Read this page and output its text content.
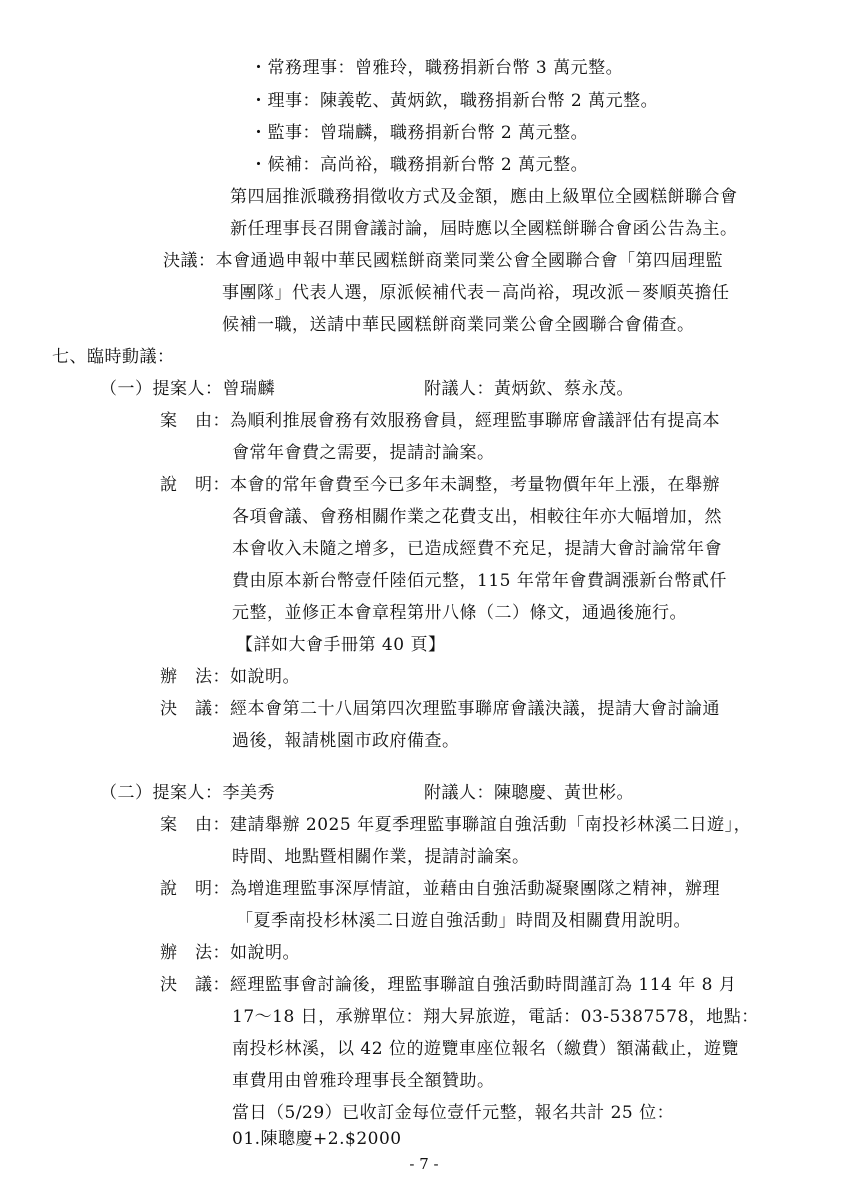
・常務理事：曾雅玲，職務捐新台幣 3 萬元整。
・理事：陳義乾、黃炳欽，職務捐新台幣 2 萬元整。
・監事：曾瑞麟，職務捐新台幣 2 萬元整。
・候補：高尚裕，職務捐新台幣 2 萬元整。
第四屆推派職務捐徵收方式及金額，應由上級單位全國糕餅聯合會
新任理事長召開會議討論，屆時應以全國糕餅聯合會函公告為主。
決議：本會通過申報中華民國糕餅商業同業公會全國聯合會「第四屆理監
事團隊」代表人選，原派候補代表－高尚裕，現改派－麥順英擔任
候補一職，送請中華民國糕餅商業同業公會全國聯合會備查。
七、臨時動議：
（一）提案人：曾瑞麟	附議人：黃炳欽、蔡永茂。
案　由：為順利推展會務有效服務會員，經理監事聯席會議評估有提高本
會常年會費之需要，提請討論案。
說　明：本會的常年會費至今已多年未調整，考量物價年年上漲，在舉辦
各項會議、會務相關作業之花費支出，相較往年亦大幅增加，然
本會收入未隨之增多，已造成經費不充足，提請大會討論常年會
費由原本新台幣壹仟陸佰元整，115 年常年會費調漲新台幣貳仟
元整，並修正本會章程第卅八條（二）條文，通過後施行。
【詳如大會手冊第 40 頁】
辦　法：如說明。
決　議：經本會第二十八屆第四次理監事聯席會議決議，提請大會討論通
過後，報請桃園市政府備查。
（二）提案人：李美秀	附議人：陳聰慶、黃世彬。
案　由：建請舉辦 2025 年夏季理監事聯誼自強活動「南投衫林溪二日遊」，
時間、地點暨相關作業，提請討論案。
說　明：為增進理監事深厚情誼，並藉由自強活動凝聚團隊之精神，辦理
「夏季南投杉林溪二日遊自強活動」時間及相關費用說明。
辦　法：如說明。
決　議：經理監事會討論後，理監事聯誼自強活動時間謹訂為 114 年 8 月
17～18 日，承辦單位：翔大昇旅遊，電話：03-5387578，地點：
南投杉林溪，以 42 位的遊覽車座位報名（繳費）額滿截止，遊覽
車費用由曾雅玲理事長全額贊助。
當日（5/29）已收訂金每位壹仟元整，報名共計 25 位：
01.陳聰慶+2.$2000
- 7 -
